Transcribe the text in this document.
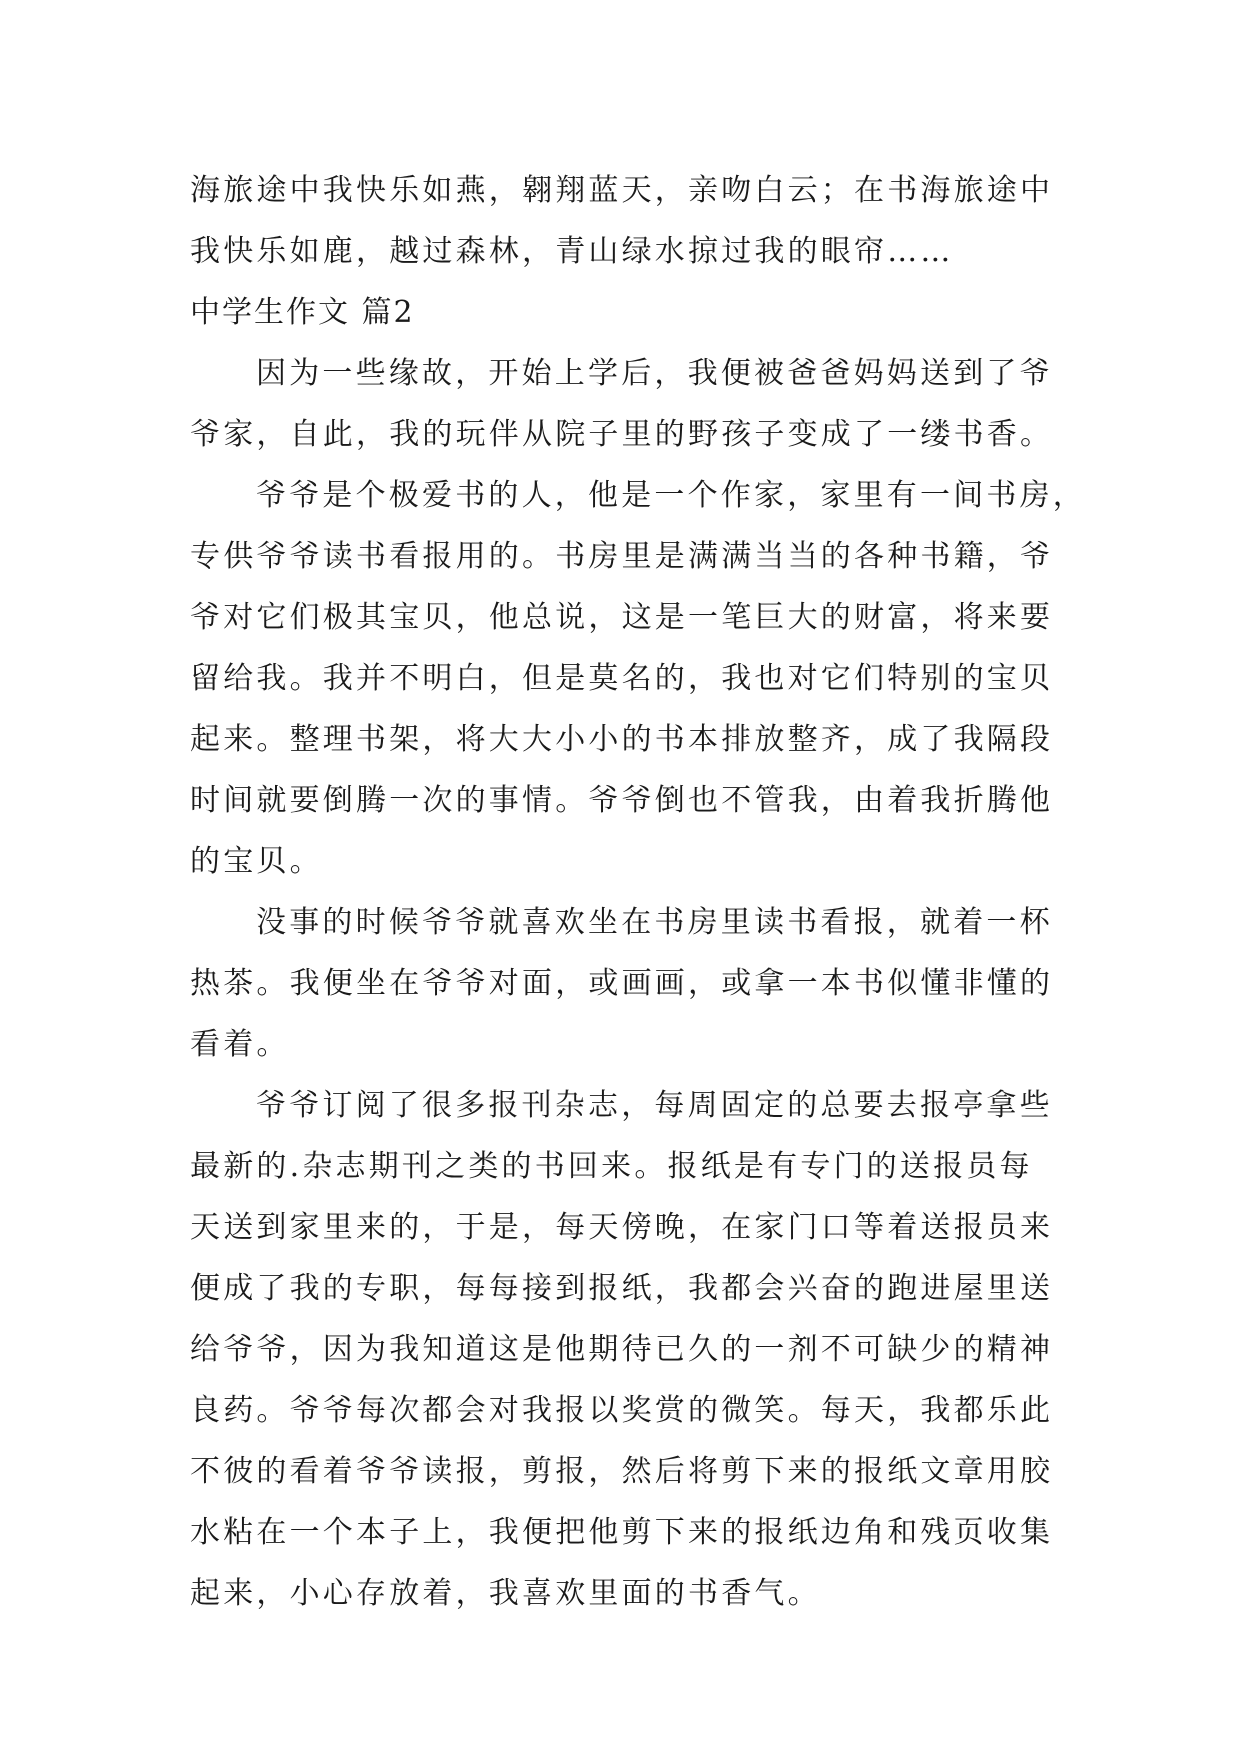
海旅途中我快乐如燕，翱翔蓝天，亲吻白云；在书海旅途中
我快乐如鹿，越过森林，青山绿水掠过我的眼帘……
中学生作文 篇2
因为一些缘故，开始上学后，我便被爸爸妈妈送到了爷
爷家，自此，我的玩伴从院子里的野孩子变成了一缕书香。
爷爷是个极爱书的人，他是一个作家，家里有一间书房，
专供爷爷读书看报用的。书房里是满满当当的各种书籍，爷
爷对它们极其宝贝，他总说，这是一笔巨大的财富，将来要
留给我。我并不明白，但是莫名的，我也对它们特别的宝贝
起来。整理书架，将大大小小的书本排放整齐，成了我隔段
时间就要倒腾一次的事情。爷爷倒也不管我，由着我折腾他
的宝贝。
没事的时候爷爷就喜欢坐在书房里读书看报，就着一杯
热茶。我便坐在爷爷对面，或画画，或拿一本书似懂非懂的
看着。
爷爷订阅了很多报刊杂志，每周固定的总要去报亭拿些
最新的.杂志期刊之类的书回来。报纸是有专门的送报员每
天送到家里来的，于是，每天傍晚，在家门口等着送报员来
便成了我的专职，每每接到报纸，我都会兴奋的跑进屋里送
给爷爷，因为我知道这是他期待已久的一剂不可缺少的精神
良药。爷爷每次都会对我报以奖赏的微笑。每天，我都乐此
不彼的看着爷爷读报，剪报，然后将剪下来的报纸文章用胶
水粘在一个本子上，我便把他剪下来的报纸边角和残页收集
起来，小心存放着，我喜欢里面的书香气。
